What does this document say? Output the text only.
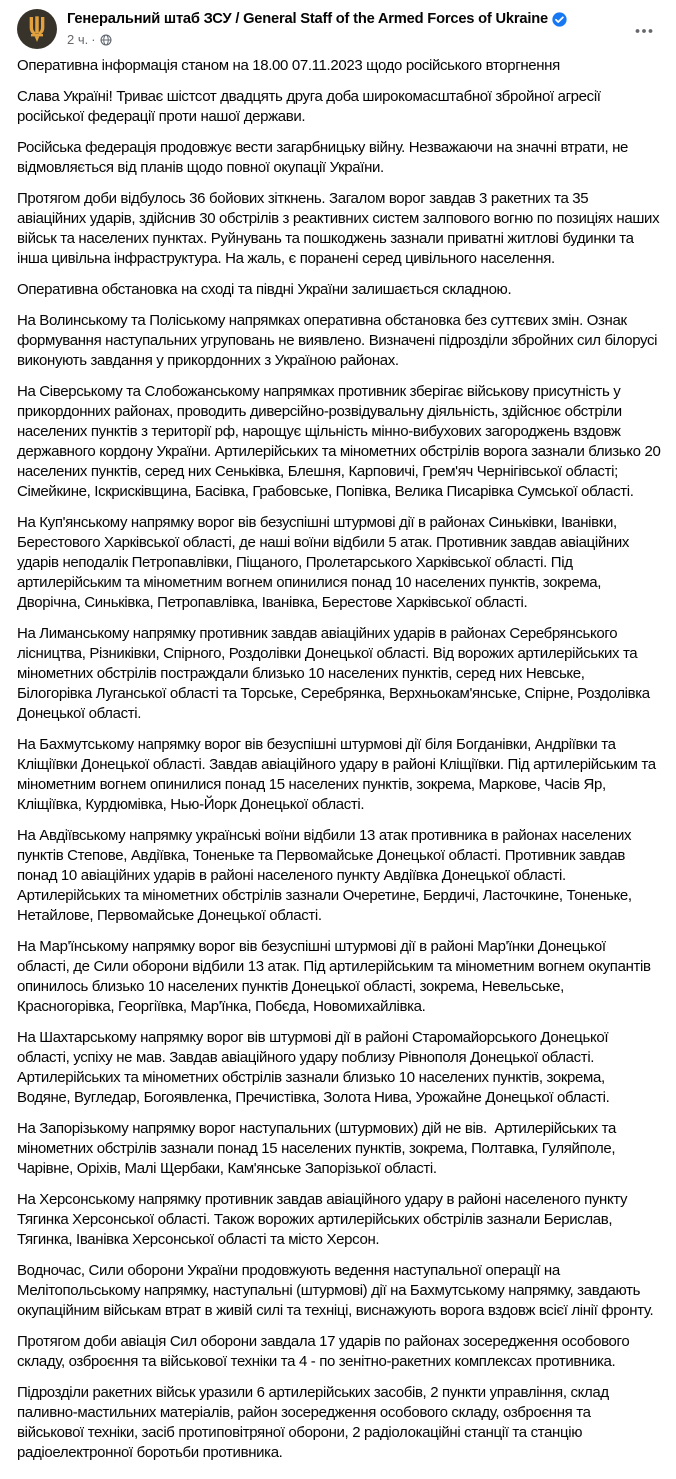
Генеральний штаб ЗСУ / General Staff of the Armed Forces of Ukraine
2 ч. ·

Оперативна інформація станом на 18.00 07.11.2023 щодо російського вторгнення

Слава Україні! Триває шістсот двадцять друга доба широкомасштабної збройної агресії російської федерації проти нашої держави.

Російська федерація продовжує вести загарбницьку війну. Незважаючи на значні втрати, не відмовляється від планів щодо повної окупації України.

Протягом доби відбулось 36 бойових зіткнень. Загалом ворог завдав 3 ракетних та 35 авіаційних ударів, здійснив 30 обстрілів з реактивних систем залпового вогню по позиціях наших військ та населених пунктах. Руйнувань та пошкоджень зазнали приватні житлові будинки та інша цивільна інфраструктура. На жаль, є поранені серед цивільного населення.

Оперативна обстановка на сході та півдні України залишається складною.

На Волинському та Поліському напрямках оперативна обстановка без суттєвих змін. Ознак формування наступальних угруповань не виявлено. Визначені підрозділи збройних сил білорусі виконують завдання у прикордонних з Україною районах.

На Сіверському та Слобожанському напрямках противник зберігає військову присутність у прикордонних районах, проводить диверсійно-розвідувальну діяльність, здійснює обстріли населених пунктів з території рф, нарощує щільність мінно-вибухових загороджень вздовж державного кордону України. Артилерійських та мінометних обстрілів ворога зазнали близько 20 населених пунктів, серед них Сеньківка, Блешня, Карповичі, Грем'яч Чернігівської області; Сімейкине, Іскрисківщина, Басівка, Грабовське, Попівка, Велика Писарівка Сумської області.

На Куп'янському напрямку ворог вів безуспішні штурмові дії в районах Синьківки, Іванівки, Берестового Харківської області, де наші воїни відбили 5 атак. Противник завдав авіаційних ударів неподалік Петропавлівки, Піщаного, Пролетарського Харківської області. Під артилерійським та мінометним вогнем опинилися понад 10 населених пунктів, зокрема, Дворічна, Синьківка, Петропавлівка, Іванівка, Берестове Харківської області.

На Лиманському напрямку противник завдав авіаційних ударів в районах Серебрянського лісництва, Різниківки, Спірного, Роздолівки Донецької області. Від ворожих артилерійських та мінометних обстрілів постраждали близько 10 населених пунктів, серед них Невське, Білогорівка Луганської області та Торське, Серебрянка, Верхньокам'янське, Спірне, Роздолівка Донецької області.

На Бахмутському напрямку ворог вів безуспішні штурмові дії біля Богданівки, Андріївки та Кліщіївки Донецької області. Завдав авіаційного удару в районі Кліщіївки. Під артилерійським та мінометним вогнем опинилися понад 15 населених пунктів, зокрема, Маркове, Часів Яр, Кліщіївка, Курдюмівка, Нью-Йорк Донецької області.

На Авдіївському напрямку українські воїни відбили 13 атак противника в районах населених пунктів Степове, Авдіївка, Тоненьке та Первомайське Донецької області. Противник завдав понад 10 авіаційних ударів в районі населеного пункту Авдіївка Донецької області. Артилерійських та мінометних обстрілів зазнали Очеретине, Бердичі, Ласточкине, Тоненьке, Нетайлове, Первомайське Донецької області.

На Мар'їнському напрямку ворог вів безуспішні штурмові дії в районі Мар'їнки Донецької області, де Сили оборони відбили 13 атак. Під артилерійським та мінометним вогнем окупантів опинилось близько 10 населених пунктів Донецької області, зокрема, Невельське, Красногорівка, Георгіївка, Мар'їнка, Побєда, Новомихайлівка.

На Шахтарському напрямку ворог вів штурмові дії в районі Старомайорського Донецької області, успіху не мав. Завдав авіаційного удару поблизу Рівнополя Донецької області. Артилерійських та мінометних обстрілів зазнали близько 10 населених пунктів, зокрема, Водяне, Вугледар, Богоявленка, Пречистівка, Золота Нива, Урожайне Донецької області.

На Запорізькому напрямку ворог наступальних (штурмових) дій не вів.  Артилерійських та мінометних обстрілів зазнали понад 15 населених пунктів, зокрема, Полтавка, Гуляйполе, Чарівне, Оріхів, Малі Щербаки, Кам'янське Запорізької області.

На Херсонському напрямку противник завдав авіаційного удару в районі населеного пункту Тягинка Херсонської області. Також ворожих артилерійських обстрілів зазнали Берислав, Тягинка, Іванівка Херсонської області та місто Херсон.

Водночас, Сили оборони України продовжують ведення наступальної операції на Мелітопольському напрямку, наступальні (штурмові) дії на Бахмутському напрямку, завдають окупаційним військам втрат в живій силі та техніці, виснажують ворога вздовж всієї лінії фронту.

Протягом доби авіація Сил оборони завдала 17 ударів по районах зосередження особового складу, озброєння та військової техніки та 4 - по зенітно-ракетних комплексах противника.

Підрозділи ракетних військ уразили 6 артилерійських засобів, 2 пункти управління, склад паливно-мастильних матеріалів, район зосередження особового складу, озброєння та військової техніки, засіб протиповітряної оборони, 2 радіолокаційні станції та станцію радіоелектронної боротьби противника.
